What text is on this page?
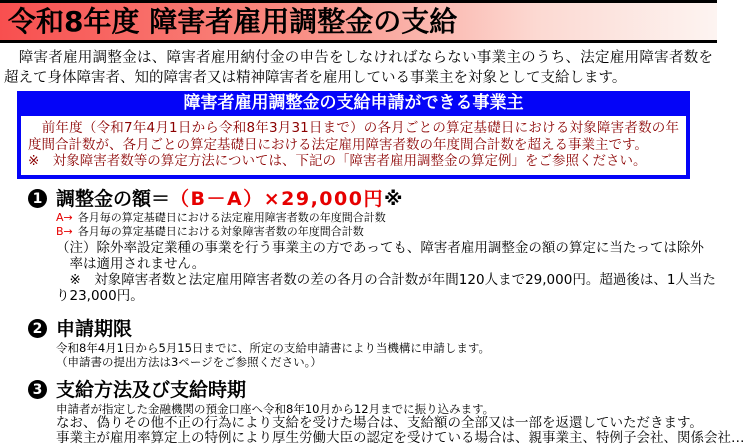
令和8年度 障害者雇用調整金の支給
　障害者雇用調整金は、障害者雇用納付金の申告をしなければならない事業主のうち、法定雇用障害者数を超えて身体障害者、知的障害者又は精神障害者を雇用している事業主を対象として支給します。
障害者雇用調整金の支給申請ができる事業主

　前年度（令和7年4月1日から令和8年3月31日まで）の各月ごとの算定基礎日における対象障害者数の年度間合計数が、各月ごとの算定基礎日における法定雇用障害者数の年度間合計数を超える事業主です。

※　対象障害者数等の算定方法については、下記の「障害者雇用調整金の算定例」をご参照ください。

1 調整金の額＝（B－A）×29,000円※
A→ 各月毎の算定基礎日における法定雇用障害者数の年度間合計数
B→ 各月毎の算定基礎日における対象障害者数の年度間合計数

（注）除外率設定業種の事業を行う事業主の方であっても、障害者雇用調整金の額の算定に当たっては除外率は適用されません。

※　対象障害者数と法定雇用障害者数の差の各月の合計数が年間120人まで29,000円。超過後は、1人当たり23,000円。

2 申請期限
令和8年4月1日から5月15日までに、所定の支給申請書により当機構に申請します。
（申請書の提出方法は3ページをご参照ください。）
3 支給方法及び支給時期
申請者が指定した金融機関の預金口座へ令和8年10月から12月までに振り込みます。
なお、偽りその他不正の行為により支給を受けた場合は、支給額の全部又は一部を返還していただきます。
事業主が雇用率算定上の特例により厚生労働大臣の認定を受けている場合は、親事業主、特例子会社、関係会社…
